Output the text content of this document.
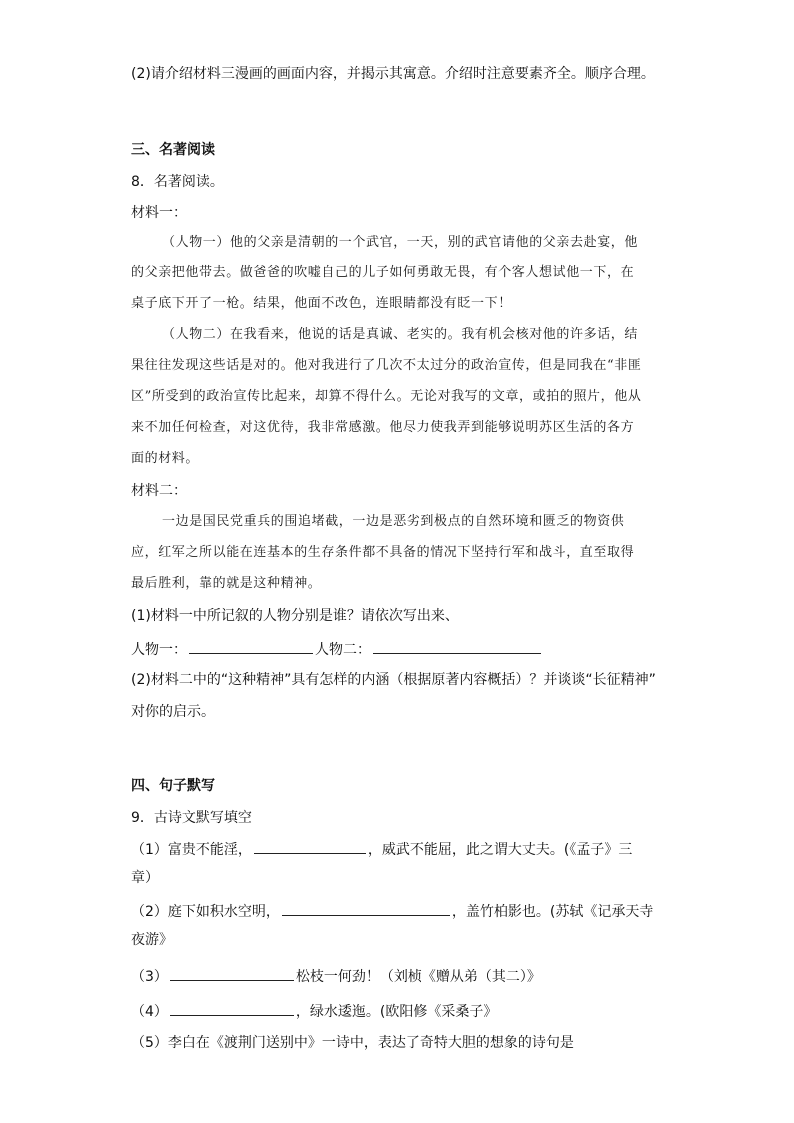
(2)请介绍材料三漫画的画面内容，并揭示其寓意。介绍时注意要素齐全。顺序合理。
三、名著阅读
8．名著阅读。
材料一：
（人物一）他的父亲是清朝的一个武官，一天，别的武官请他的父亲去赴宴，他
的父亲把他带去。做爸爸的吹嘘自己的儿子如何勇敢无畏，有个客人想试他一下，在
桌子底下开了一枪。结果，他面不改色，连眼睛都没有眨一下！
（人物二）在我看来，他说的话是真诚、老实的。我有机会核对他的许多话，结
果往往发现这些话是对的。他对我进行了几次不太过分的政治宣传，但是同我在“非匪
区”所受到的政治宣传比起来，却算不得什么。无论对我写的文章，或拍的照片，他从
来不加任何检查，对这优待，我非常感激。他尽力使我弄到能够说明苏区生活的各方
面的材料。
材料二：
一边是国民党重兵的围追堵截，一边是恶劣到极点的自然环境和匮乏的物资供
应，红军之所以能在连基本的生存条件都不具备的情况下坚持行军和战斗，直至取得
最后胜利，靠的就是这种精神。
(1)材料一中所记叙的人物分别是谁？请依次写出来、
人物一：	人物二：
(2)材料二中的“这种精神”具有怎样的内涵（根据原著内容概括）？并谈谈“长征精神”
对你的启示。
四、句子默写
9．古诗文默写填空
（1）富贵不能淫，	，威武不能屈，此之谓大丈夫。(《孟子》三
章）
（2）庭下如积水空明，	，盖竹柏影也。(苏轼《记承天寺
夜游》
（3）	松枝一何劲！（刘桢《赠从弟（其二）》
（4）	，绿水逶迤。(欧阳修《采桑子》
（5）李白在《渡荆门送别中》一诗中，表达了奇特大胆的想象的诗句是
